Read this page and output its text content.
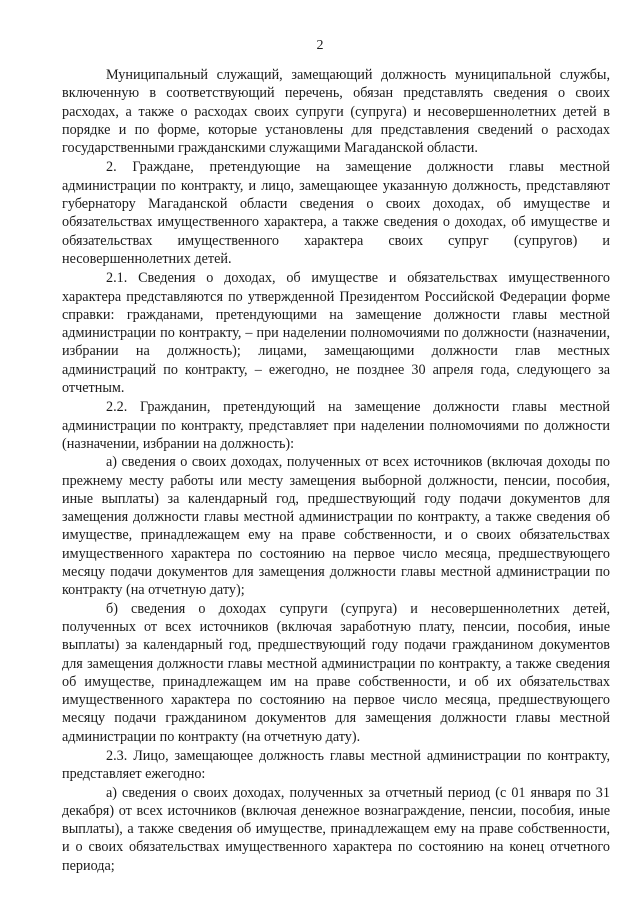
2

Муниципальный служащий, замещающий должность муниципальной службы, включенную в соответствующий перечень, обязан представлять сведения о своих расходах, а также о расходах своих супруги (супруга) и несовершеннолетних детей в порядке и по форме, которые установлены для представления сведений о расходах государственными гражданскими служащими Магаданской области.

2. Граждане, претендующие на замещение должности главы местной администрации по контракту, и лицо, замещающее указанную должность, представляют губернатору Магаданской области сведения о своих доходах, об имуществе и обязательствах имущественного характера, а также сведения о доходах, об имуществе и обязательствах имущественного характера своих супруг (супругов) и несовершеннолетних детей.

2.1. Сведения о доходах, об имуществе и обязательствах имущественного характера представляются по утвержденной Президентом Российской Федерации форме справки: гражданами, претендующими на замещение должности главы местной администрации по контракту, – при наделении полномочиями по должности (назначении, избрании на должность); лицами, замещающими должности глав местных администраций по контракту, – ежегодно, не позднее 30 апреля года, следующего за отчетным.

2.2. Гражданин, претендующий на замещение должности главы местной администрации по контракту, представляет при наделении полномочиями по должности (назначении, избрании на должность):

а) сведения о своих доходах, полученных от всех источников (включая доходы по прежнему месту работы или месту замещения выборной должности, пенсии, пособия, иные выплаты) за календарный год, предшествующий году подачи документов для замещения должности главы местной администрации по контракту, а также сведения об имуществе, принадлежащем ему на праве собственности, и о своих обязательствах имущественного характера по состоянию на первое число месяца, предшествующего месяцу подачи документов для замещения должности главы местной администрации по контракту (на отчетную дату);

б) сведения о доходах супруги (супруга) и несовершеннолетних детей, полученных от всех источников (включая заработную плату, пенсии, пособия, иные выплаты) за календарный год, предшествующий году подачи гражданином документов для замещения должности главы местной администрации по контракту, а также сведения об имуществе, принадлежащем им на праве собственности, и об их обязательствах имущественного характера по состоянию на первое число месяца, предшествующего месяцу подачи гражданином документов для замещения должности главы местной администрации по контракту (на отчетную дату).

2.3. Лицо, замещающее должность главы местной администрации по контракту, представляет ежегодно:

а) сведения о своих доходах, полученных за отчетный период (с 01 января по 31 декабря) от всех источников (включая денежное вознаграждение, пенсии, пособия, иные выплаты), а также сведения об имуществе, принадлежащем ему на праве собственности, и о своих обязательствах имущественного характера по состоянию на конец отчетного периода;
